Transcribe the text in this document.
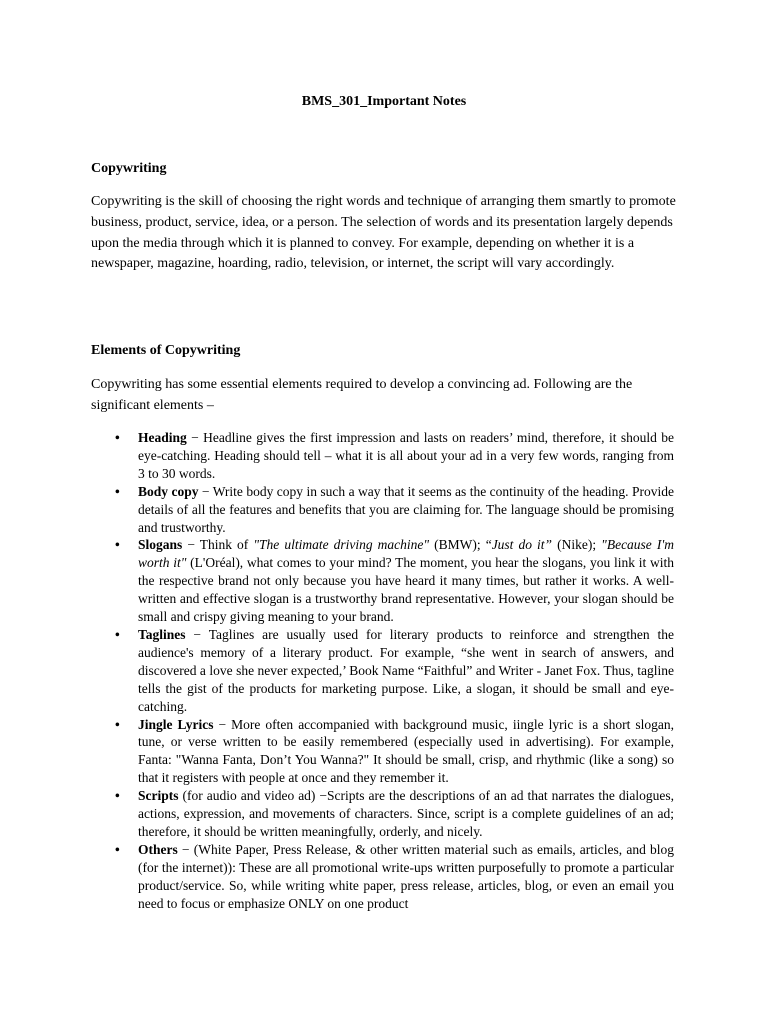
BMS_301_Important Notes
Copywriting
Copywriting is the skill of choosing the right words and technique of arranging them smartly to promote business, product, service, idea, or a person. The selection of words and its presentation largely depends upon the media through which it is planned to convey. For example, depending on whether it is a newspaper, magazine, hoarding, radio, television, or internet, the script will vary accordingly.
Elements of Copywriting
Copywriting has some essential elements required to develop a convincing ad. Following are the significant elements –
• Heading − Headline gives the first impression and lasts on readers’ mind, therefore, it should be eye-catching. Heading should tell – what it is all about your ad in a very few words, ranging from 3 to 30 words.
• Body copy − Write body copy in such a way that it seems as the continuity of the heading. Provide details of all the features and benefits that you are claiming for. The language should be promising and trustworthy.
• Slogans − Think of "The ultimate driving machine" (BMW); “Just do it” (Nike); "Because I'm worth it" (L'Oréal), what comes to your mind? The moment, you hear the slogans, you link it with the respective brand not only because you have heard it many times, but rather it works. A well-written and effective slogan is a trustworthy brand representative. However, your slogan should be small and crispy giving meaning to your brand.
• Taglines − Taglines are usually used for literary products to reinforce and strengthen the audience's memory of a literary product. For example, “she went in search of answers, and discovered a love she never expected,’ Book Name “Faithful” and Writer - Janet Fox. Thus, tagline tells the gist of the products for marketing purpose. Like, a slogan, it should be small and eye-catching.
• Jingle Lyrics − More often accompanied with background music, iingle lyric is a short slogan, tune, or verse written to be easily remembered (especially used in advertising). For example, Fanta: "Wanna Fanta, Don’t You Wanna?" It should be small, crisp, and rhythmic (like a song) so that it registers with people at once and they remember it.
• Scripts (for audio and video ad) −Scripts are the descriptions of an ad that narrates the dialogues, actions, expression, and movements of characters. Since, script is a complete guidelines of an ad; therefore, it should be written meaningfully, orderly, and nicely.
• Others − (White Paper, Press Release, & other written material such as emails, articles, and blog (for the internet)): These are all promotional write-ups written purposefully to promote a particular product/service. So, while writing white paper, press release, articles, blog, or even an email you need to focus or emphasize ONLY on one product
